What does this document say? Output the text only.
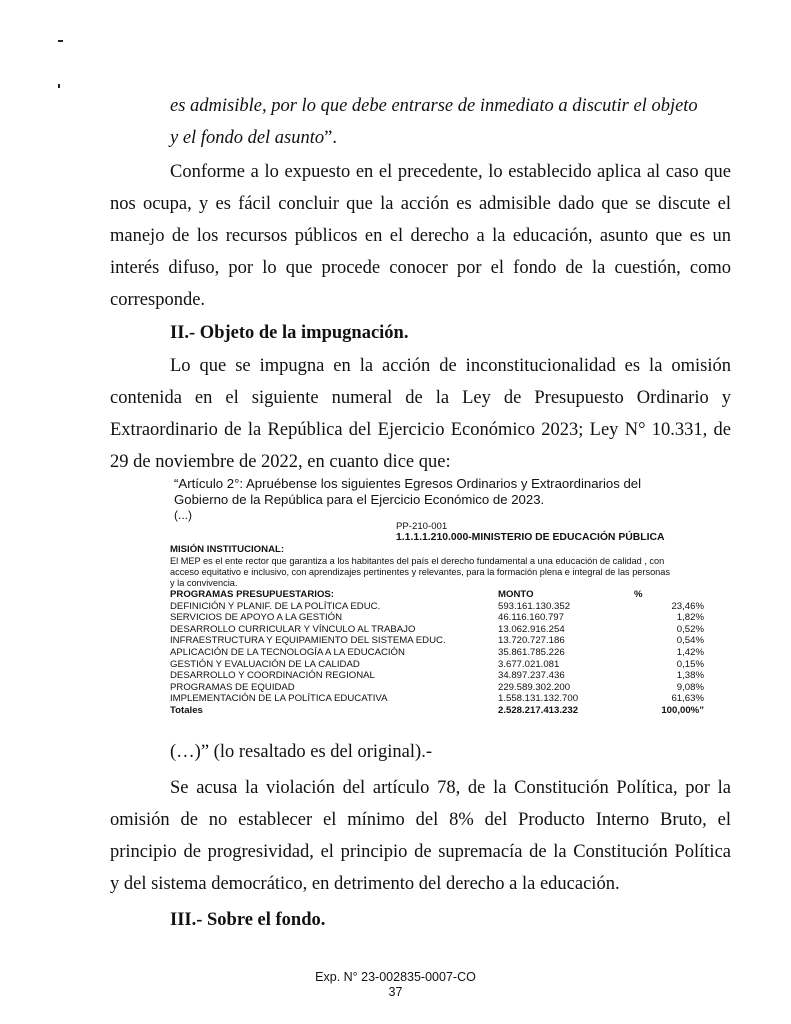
es admisible, por lo que debe entrarse de inmediato a discutir el objeto
y el fondo del asunto”.
Conforme a lo expuesto en el precedente, lo establecido aplica al caso que
nos ocupa, y es fácil concluir que la acción es admisible dado que se discute el
manejo de los recursos públicos en el derecho a la educación, asunto que es un
interés difuso, por lo que procede conocer por el fondo de la cuestión, como
corresponde.
II.- Objeto de la impugnación.
Lo que se impugna en la acción de inconstitucionalidad es la omisión
contenida en el siguiente numeral de la Ley de Presupuesto Ordinario y
Extraordinario de la República del Ejercicio Económico 2023; Ley N° 10.331, de
29 de noviembre de 2022, en cuanto dice que:
“Artículo 2°: Apruébense los siguientes Egresos Ordinarios y Extraordinarios del
Gobierno de la República para el Ejercicio Económico de 2023.
(...)
PP-210-001
1.1.1.1.210.000-MINISTERIO DE EDUCACIÓN PÚBLICA
MISIÓN INSTITUCIONAL:
El MEP es el ente rector que garantiza a los habitantes del país el derecho fundamental a una educación de calidad , con
acceso equitativo e inclusivo, con aprendizajes pertinentes y relevantes, para la formación plena e integral de las personas
y la convivencia.
PROGRAMAS PRESUPUESTARIOS:	MONTO	%
DEFINICIÓN Y PLANIF. DE LA POLÍTICA EDUC.	593.161.130.352	23,46%
SERVICIOS DE APOYO A LA GESTIÓN	46.116.160.797	1,82%
DESARROLLO CURRICULAR Y VÍNCULO AL TRABAJO	13.062.916.254	0,52%
INFRAESTRUCTURA Y EQUIPAMIENTO DEL SISTEMA EDUC.	13.720.727.186	0,54%
APLICACIÓN DE LA TECNOLOGÍA A LA EDUCACIÓN	35.861.785.226	1,42%
GESTIÓN Y EVALUACIÓN DE LA CALIDAD	3.677.021.081	0,15%
DESARROLLO Y COORDINACIÓN REGIONAL	34.897.237.436	1,38%
PROGRAMAS DE EQUIDAD	229.589.302.200	9,08%
IMPLEMENTACIÓN DE LA POLÍTICA EDUCATIVA	1.558.131.132.700	61,63%
Totales	2.528.217.413.232	100,00%”
(…)” (lo resaltado es del original).-
Se acusa la violación del artículo 78, de la Constitución Política, por la
omisión de no establecer el mínimo del 8% del Producto Interno Bruto, el
principio de progresividad, el principio de supremacía de la Constitución Política
y del sistema democrático, en detrimento del derecho a la educación.
III.- Sobre el fondo.
Exp. N° 23-002835-0007-CO
37
